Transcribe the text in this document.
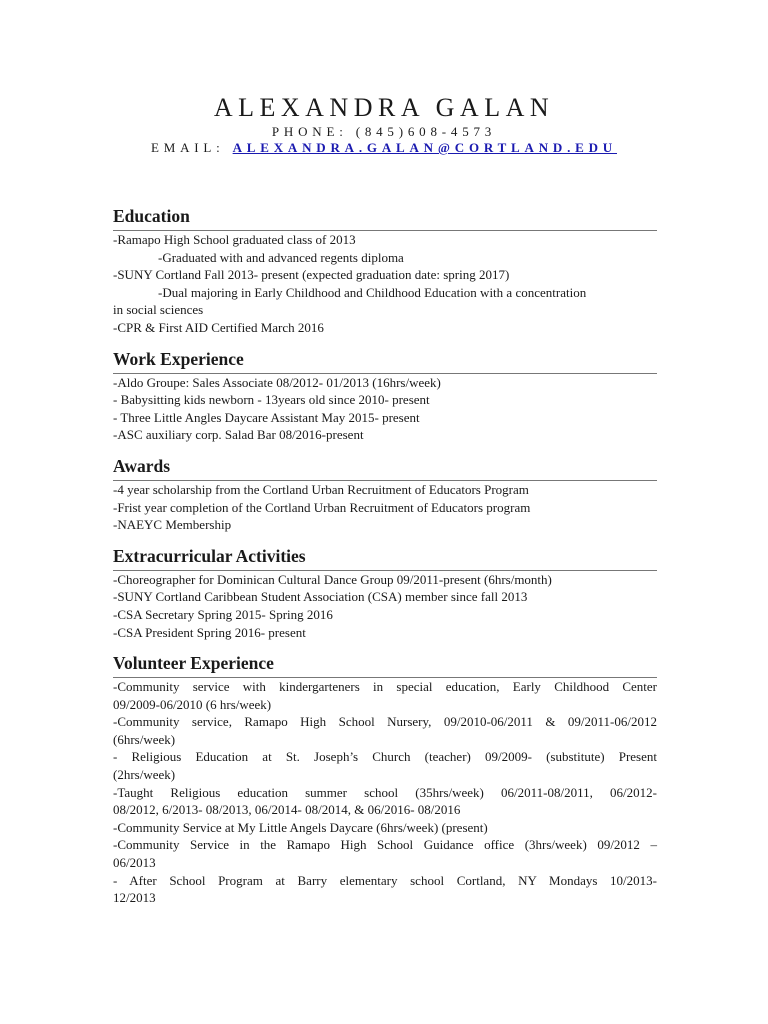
ALEXANDRA GALAN
PHONE: (845)608-4573
EMAIL: ALEXANDRA.GALAN@CORTLAND.EDU
Education
-Ramapo High School graduated class of 2013
-Graduated with and advanced regents diploma
-SUNY Cortland Fall 2013- present (expected graduation date: spring 2017)
-Dual majoring in Early Childhood and Childhood Education with a concentration
in social sciences
-CPR & First AID Certified March 2016
Work Experience
-Aldo Groupe: Sales Associate 08/2012- 01/2013 (16hrs/week)
- Babysitting kids newborn - 13years old since 2010- present
- Three Little Angles Daycare Assistant May 2015- present
-ASC auxiliary corp. Salad Bar 08/2016-present
Awards
-4 year scholarship from the Cortland Urban Recruitment of Educators Program
-Frist year completion of the Cortland Urban Recruitment of Educators program
-NAEYC Membership
Extracurricular Activities
-Choreographer for Dominican Cultural Dance Group 09/2011-present (6hrs/month)
-SUNY Cortland Caribbean Student Association (CSA) member since fall 2013
-CSA Secretary Spring 2015- Spring 2016
-CSA President Spring 2016- present
Volunteer Experience
-Community service with kindergarteners in special education, Early Childhood Center
09/2009-06/2010 (6 hrs/week)
-Community service, Ramapo High School Nursery, 09/2010-06/2011 & 09/2011-06/2012
(6hrs/week)
- Religious Education at St. Joseph’s Church (teacher) 09/2009- (substitute) Present
(2hrs/week)
-Taught Religious education summer school (35hrs/week) 06/2011-08/2011, 06/2012-
08/2012, 6/2013- 08/2013, 06/2014- 08/2014, & 06/2016- 08/2016
-Community Service at My Little Angels Daycare (6hrs/week) (present)
-Community Service in the Ramapo High School Guidance office (3hrs/week) 09/2012 –
06/2013
- After School Program at Barry elementary school Cortland, NY Mondays 10/2013-
12/2013
